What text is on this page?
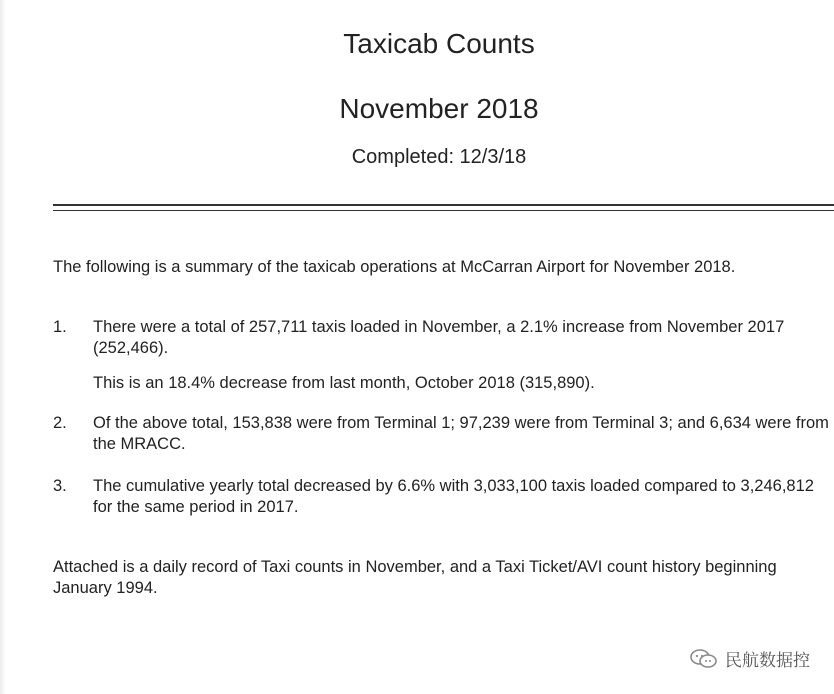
Taxicab Counts
November 2018
Completed: 12/3/18
The following is a summary of the taxicab operations at McCarran Airport for November 2018.
1. There were a total of 257,711 taxis loaded in November, a 2.1% increase from November 2017 (252,466).
This is an 18.4% decrease from last month, October 2018 (315,890).
2. Of the above total, 153,838 were from Terminal 1; 97,239 were from Terminal 3; and 6,634 were from the MRACC.
3. The cumulative yearly total decreased by 6.6% with 3,033,100 taxis loaded compared to 3,246,812 for the same period in 2017.
Attached is a daily record of Taxi counts in November, and a Taxi Ticket/AVI count history beginning January 1994.
民航数据控
